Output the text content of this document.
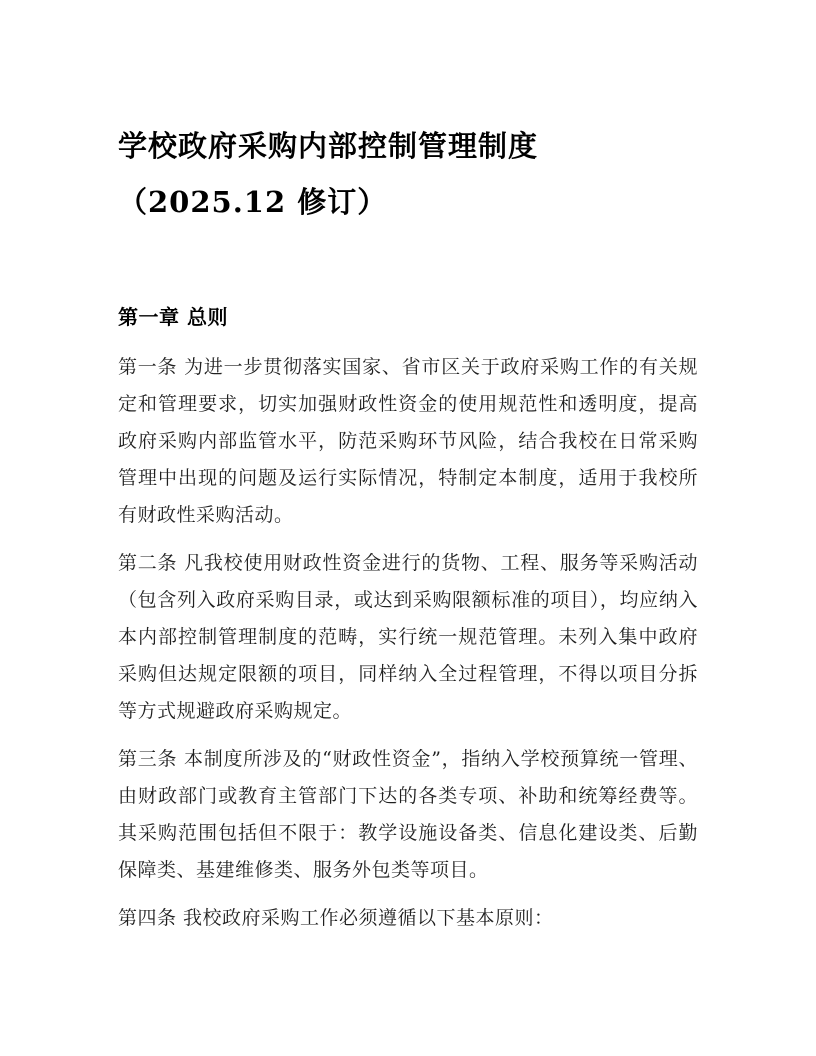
学校政府采购内部控制管理制度（2025.12 修订）
第一章 总则

第一条 为进一步贯彻落实国家、省市区关于政府采购工作的有关规定和管理要求，切实加强财政性资金的使用规范性和透明度，提高政府采购内部监管水平，防范采购环节风险，结合我校在日常采购管理中出现的问题及运行实际情况，特制定本制度，适用于我校所有财政性采购活动。

第二条 凡我校使用财政性资金进行的货物、工程、服务等采购活动（包含列入政府采购目录，或达到采购限额标准的项目），均应纳入本内部控制管理制度的范畴，实行统一规范管理。未列入集中政府采购但达规定限额的项目，同样纳入全过程管理，不得以项目分拆等方式规避政府采购规定。

第三条 本制度所涉及的“财政性资金”，指纳入学校预算统一管理、由财政部门或教育主管部门下达的各类专项、补助和统筹经费等。其采购范围包括但不限于：教学设施设备类、信息化建设类、后勤保障类、基建维修类、服务外包类等项目。

第四条 我校政府采购工作必须遵循以下基本原则：
